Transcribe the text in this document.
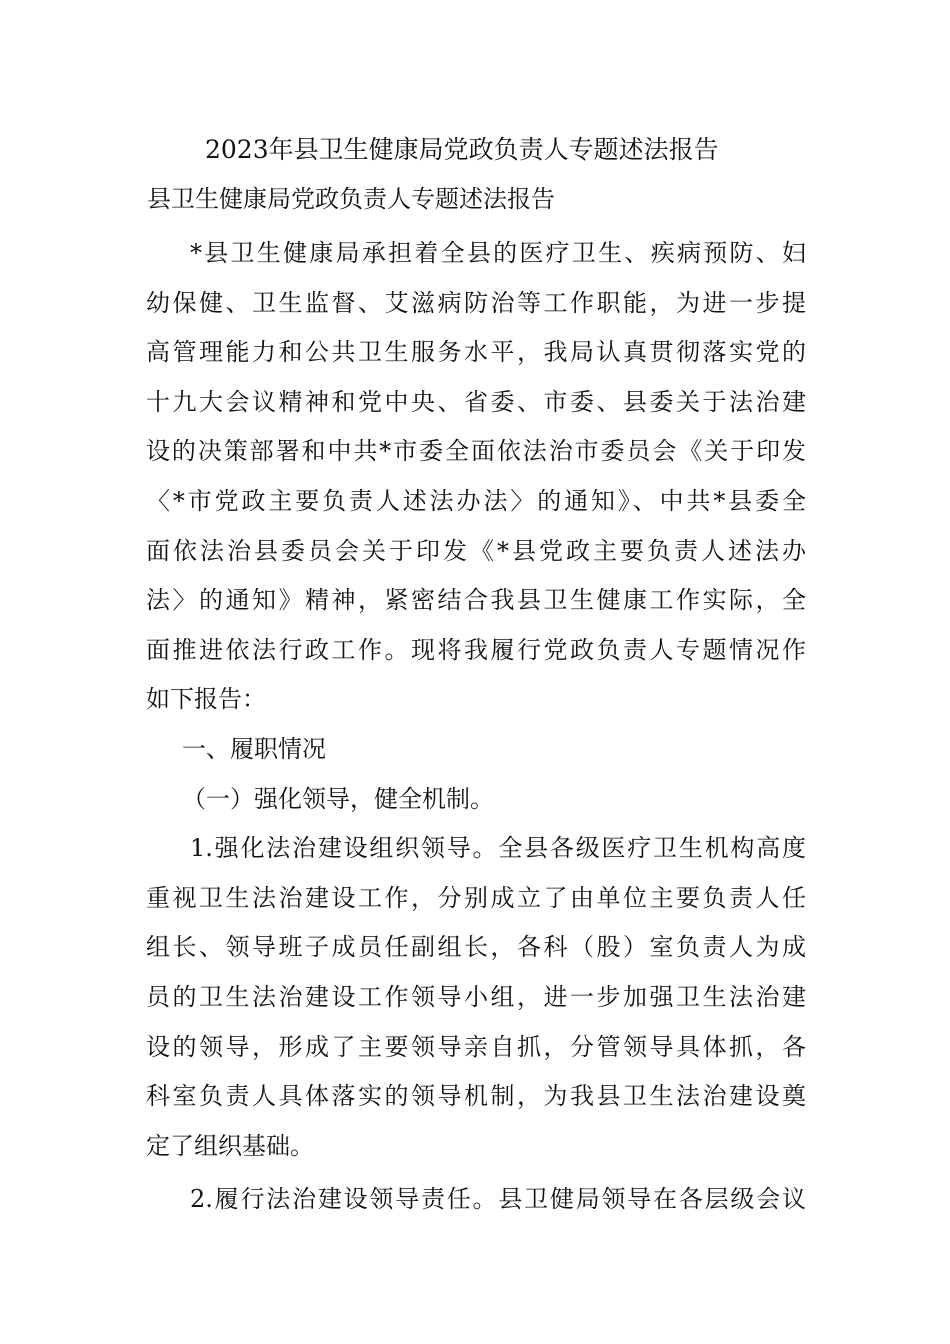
2023年县卫生健康局党政负责人专题述法报告
县卫生健康局党政负责人专题述法报告
*县卫生健康局承担着全县的医疗卫生、疾病预防、妇
幼保健、卫生监督、艾滋病防治等工作职能，为进一步提
高管理能力和公共卫生服务水平，我局认真贯彻落实党的
十九大会议精神和党中央、省委、市委、县委关于法治建
设的决策部署和中共*市委全面依法治市委员会《关于印发
〈*市党政主要负责人述法办法〉的通知》、中共*县委全
面依法治县委员会关于印发《*县党政主要负责人述法办
法〉的通知》精神，紧密结合我县卫生健康工作实际，全
面推进依法行政工作。现将我履行党政负责人专题情况作
如下报告：
一、履职情况
（一）强化领导，健全机制。
1.强化法治建设组织领导。全县各级医疗卫生机构高度
重视卫生法治建设工作，分别成立了由单位主要负责人任
组长、领导班子成员任副组长，各科（股）室负责人为成
员的卫生法治建设工作领导小组，进一步加强卫生法治建
设的领导，形成了主要领导亲自抓，分管领导具体抓，各
科室负责人具体落实的领导机制，为我县卫生法治建设奠
定了组织基础。
2.履行法治建设领导责任。县卫健局领导在各层级会议
